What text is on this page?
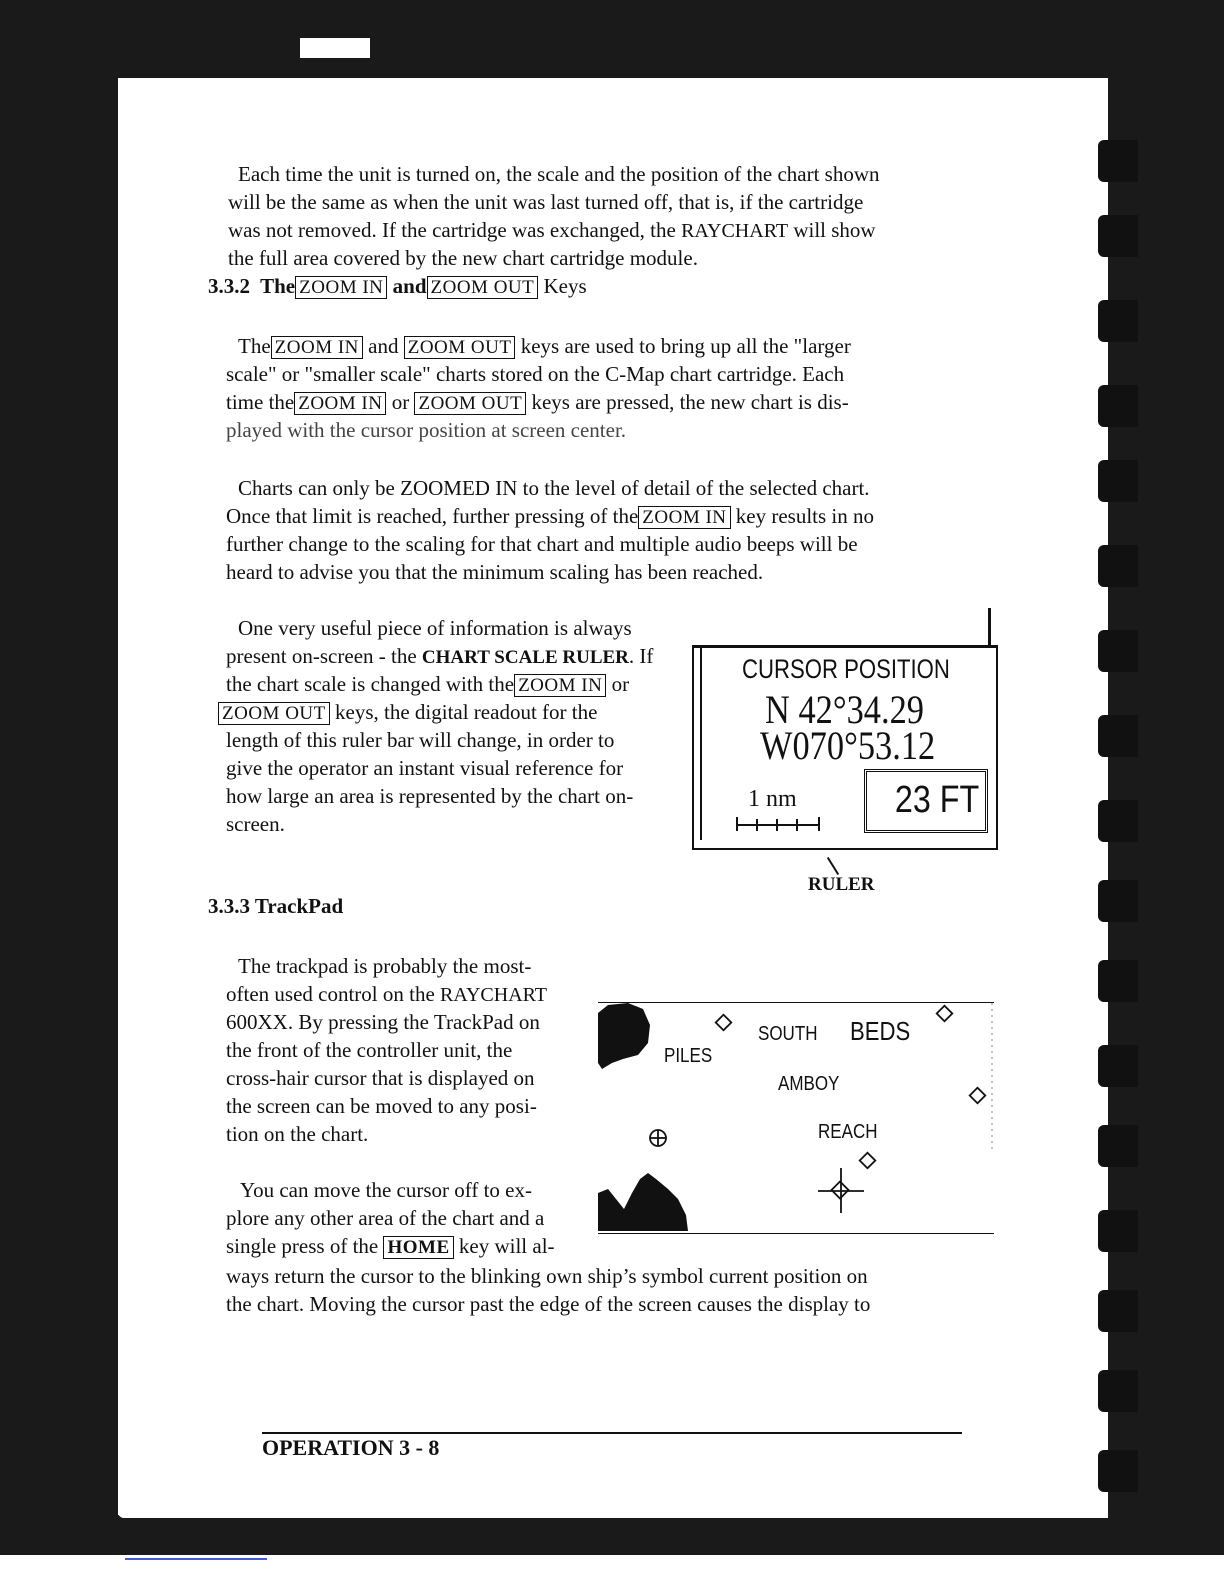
Each time the unit is turned on, the scale and the position of the chart shown

will be the same as when the unit was last turned off, that is, if the cartridge

was not removed. If the cartridge was exchanged, the RAYCHART will show

the full area covered by the new chart cartridge module.

3.3.2 The ZOOM IN and ZOOM OUT Keys

The ZOOM IN and ZOOM OUT keys are used to bring up all the "larger

scale" or "smaller scale" charts stored on the C-Map chart cartridge. Each

time the ZOOM IN or ZOOM OUT keys are pressed, the new chart is dis-

played with the cursor position at screen center.

Charts can only be ZOOMED IN to the level of detail of the selected chart.

Once that limit is reached, further pressing of the ZOOM IN key results in no

further change to the scaling for that chart and multiple audio beeps will be

heard to advise you that the minimum scaling has been reached.

One very useful piece of information is always

present on-screen - the CHART SCALE RULER. If

the chart scale is changed with the ZOOM IN or

ZOOM OUT keys, the digital readout for the

length of this ruler bar will change, in order to

give the operator an instant visual reference for

how large an area is represented by the chart on-

screen.

CURSOR POSITION
N 42°34.29
W070°53.12
1 nm	23 FT
RULER

3.3.3 TrackPad

The trackpad is probably the most-

often used control on the RAYCHART

600XX. By pressing the TrackPad on

the front of the controller unit, the

cross-hair cursor that is displayed on

the screen can be moved to any posi-

tion on the chart.

PILES
SOUTH BEDS
AMBOY
REACH

You can move the cursor off to ex-

plore any other area of the chart and a

single press of the HOME key will al-

ways return the cursor to the blinking own ship’s symbol current position on

the chart. Moving the cursor past the edge of the screen causes the display to

OPERATION 3 - 8
